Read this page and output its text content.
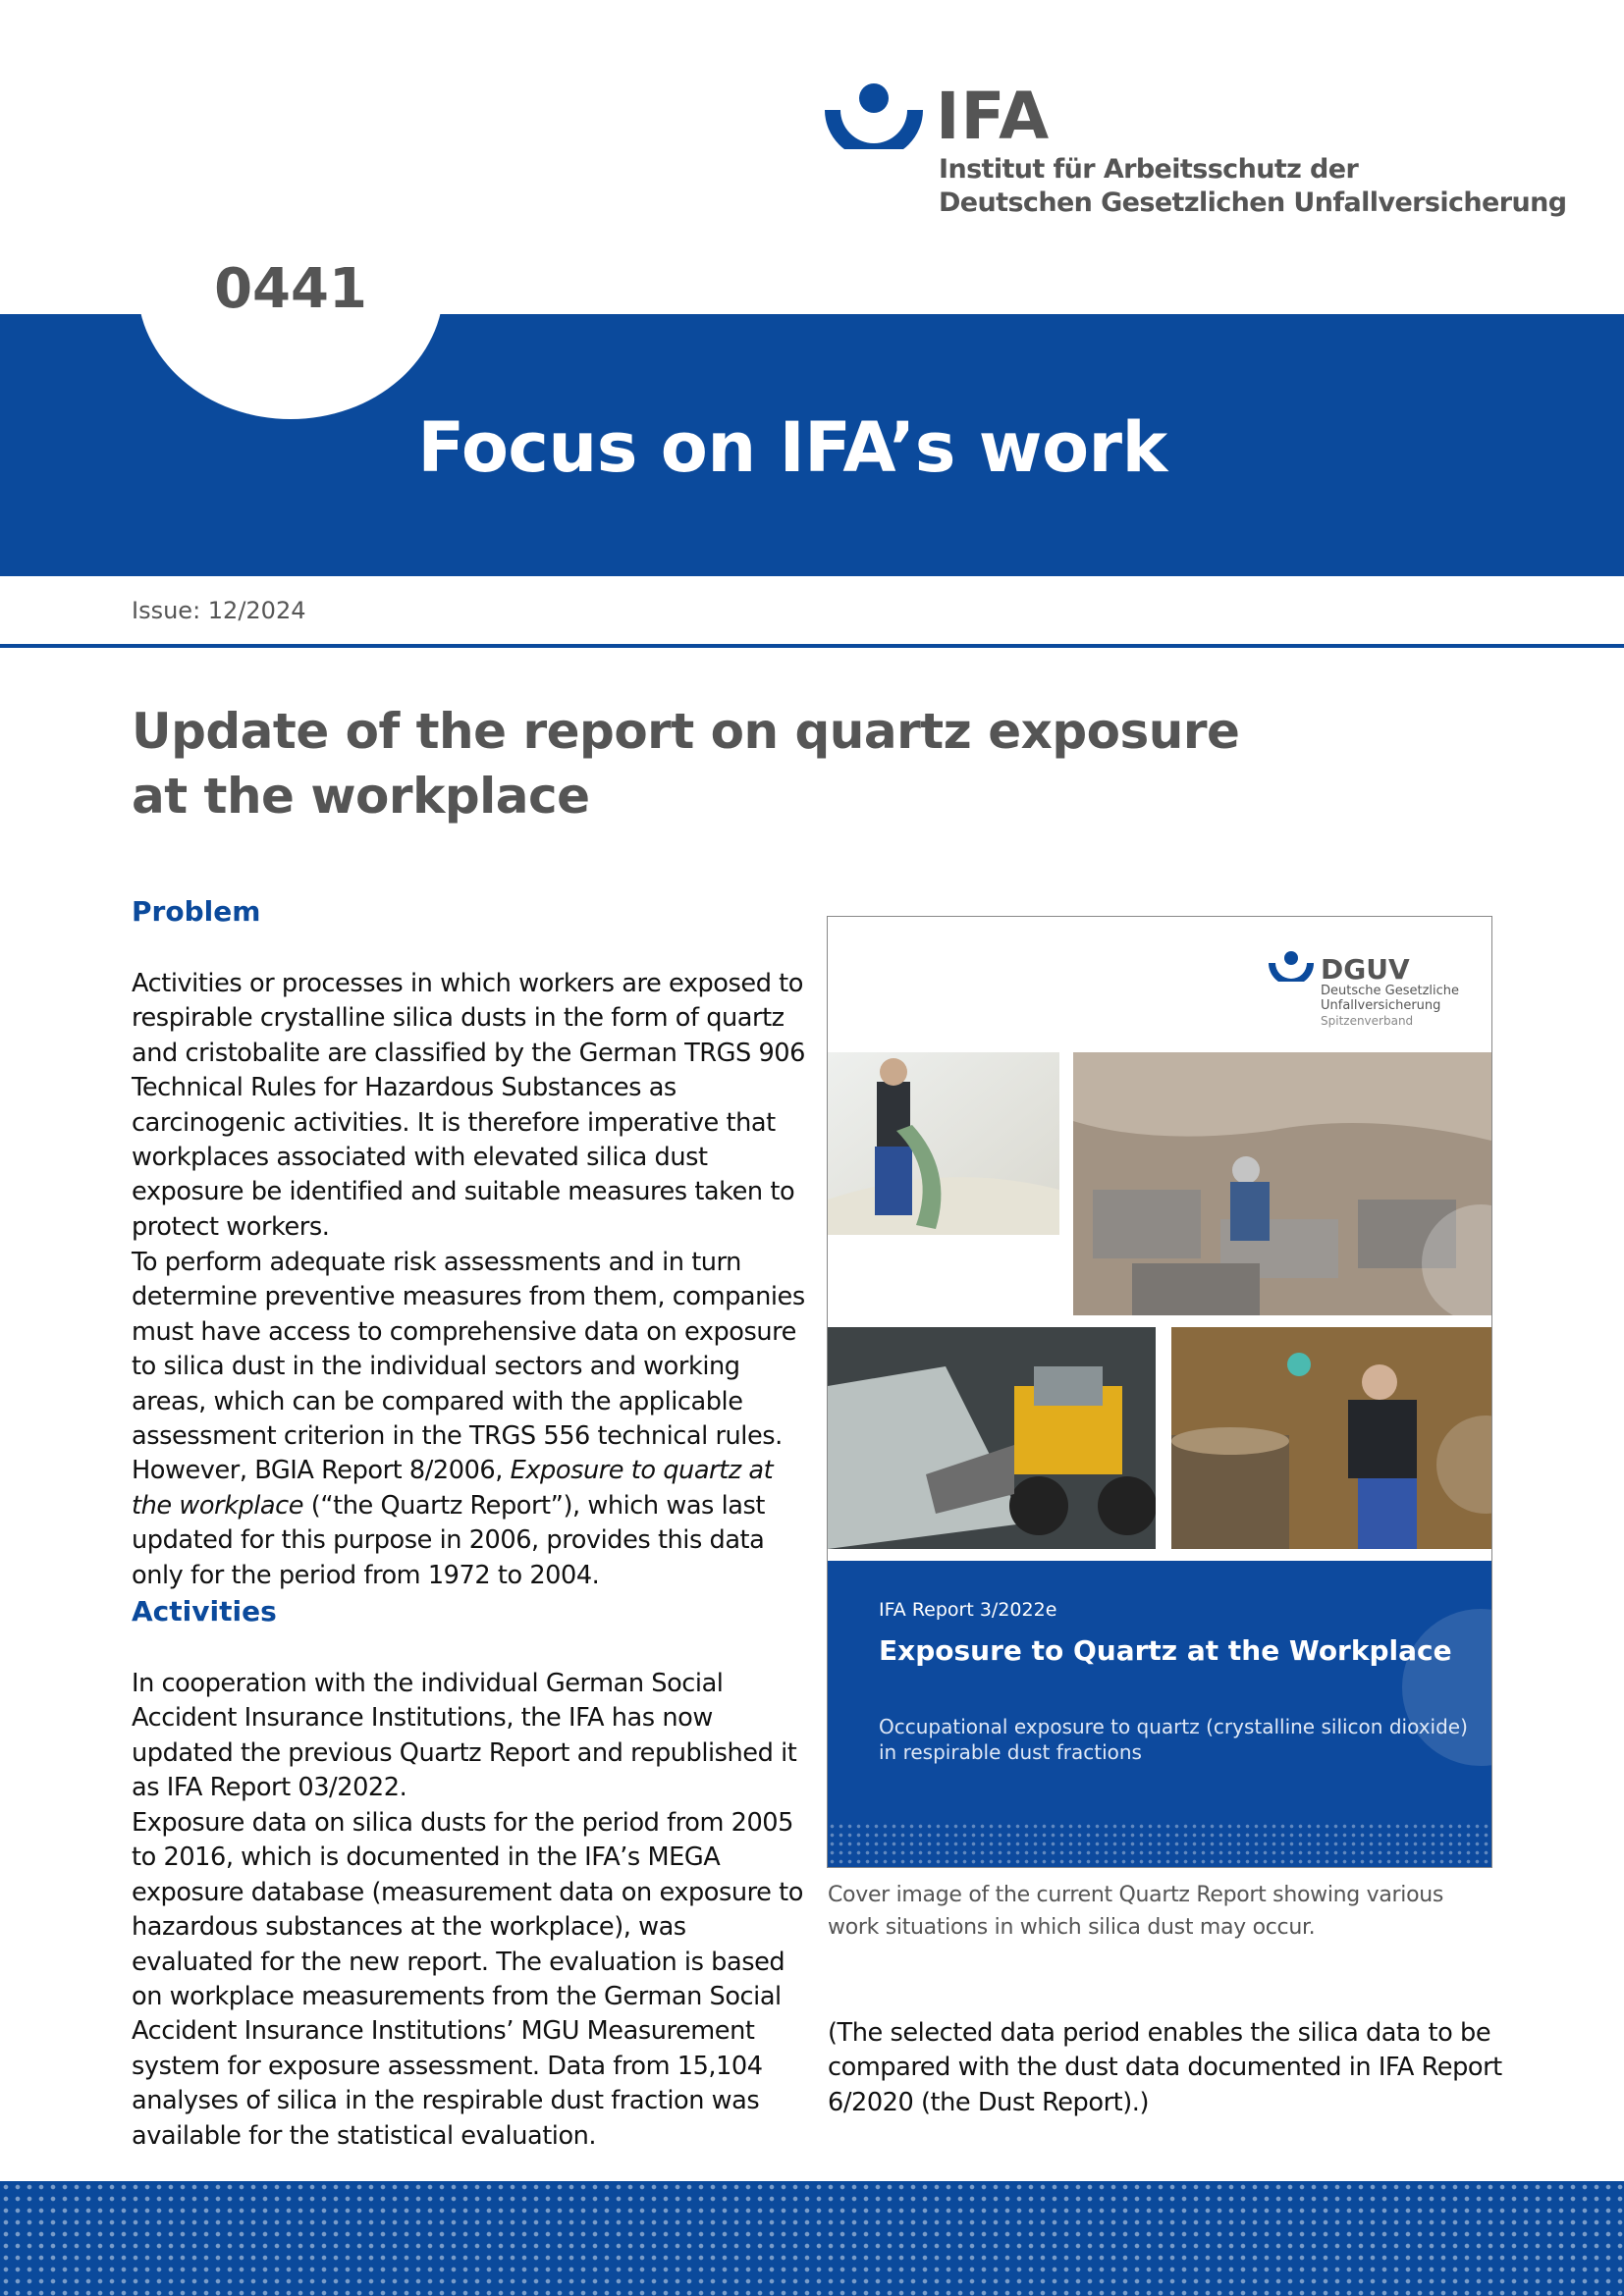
IFA
Institut für Arbeitsschutz der
Deutschen Gesetzlichen Unfallversicherung
0441
Focus on IFA’s work
Issue: 12/2024
Update of the report on quartz exposure
at the workplace
Problem
Activities or processes in which workers are exposed to respirable crystalline silica dusts in the form of quartz and cristobalite are classified by the German TRGS 906 Technical Rules for Hazardous Substances as carcinogenic activities. It is therefore imperative that workplaces associated with elevated silica dust exposure be identified and suitable measures taken to protect workers.
To perform adequate risk assessments and in turn determine preventive measures from them, companies must have access to comprehensive data on exposure to silica dust in the individual sectors and working areas, which can be compared with the applicable assessment criterion in the TRGS 556 technical rules. However, BGIA Report 8/2006, Exposure to quartz at the workplace (“the Quartz Report”), which was last updated for this purpose in 2006, provides this data only for the period from 1972 to 2004.
Activities
In cooperation with the individual German Social Accident Insurance Institutions, the IFA has now updated the previous Quartz Report and republished it as IFA Report 03/2022.
Exposure data on silica dusts for the period from 2005 to 2016, which is documented in the IFA’s MEGA exposure database (measurement data on exposure to hazardous substances at the workplace), was evaluated for the new report. The evaluation is based on workplace measurements from the German Social Accident Insurance Institutions’ MGU Measurement system for exposure assessment. Data from 15,104 analyses of silica in the respirable dust fraction was available for the statistical evaluation.
DGUV
Deutsche Gesetzliche
Unfallversicherung
Spitzenverband
IFA Report 3/2022e
Exposure to Quartz at the Workplace
Occupational exposure to quartz (crystalline silicon dioxide) in respirable dust fractions
Cover image of the current Quartz Report showing various work situations in which silica dust may occur.
(The selected data period enables the silica data to be compared with the dust data documented in IFA Report 6/2020 (the Dust Report).)
